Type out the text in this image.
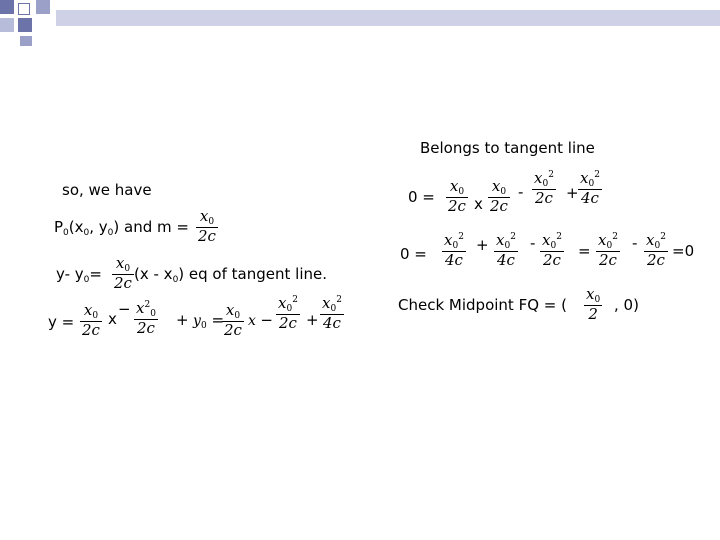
Belongs to tangent line
so, we have
$P_0(x_0$, $y_0$) and $m = \frac{x_0}{2c}$
y- $y_0= \frac{x_0}{2c} (x - x_0)$ eq of tangent line.
$y = \frac{x_0}{2c}$ x
− $\frac{x^2_0}{2c} + y_0$ =
$\frac{x_0}{2c}$ $x - \frac{x_0^2}{2c} + \frac{x_0^2}{4c}$
$0 = \frac{x_0}{2c}$ x $\frac{x_0}{2c} - \frac{x_0^2}{2c} + \frac{x_0^2}{4c}$
$0 = \frac{x_0^2}{4c} + \frac{x_0^2}{4c} - \frac{x_0^2}{2c} = \frac{x_0^2}{2c} - \frac{x_0^2}{2c} =0$
Check Midpoint FQ = ( $\frac{x_0}{2}$ , 0)
